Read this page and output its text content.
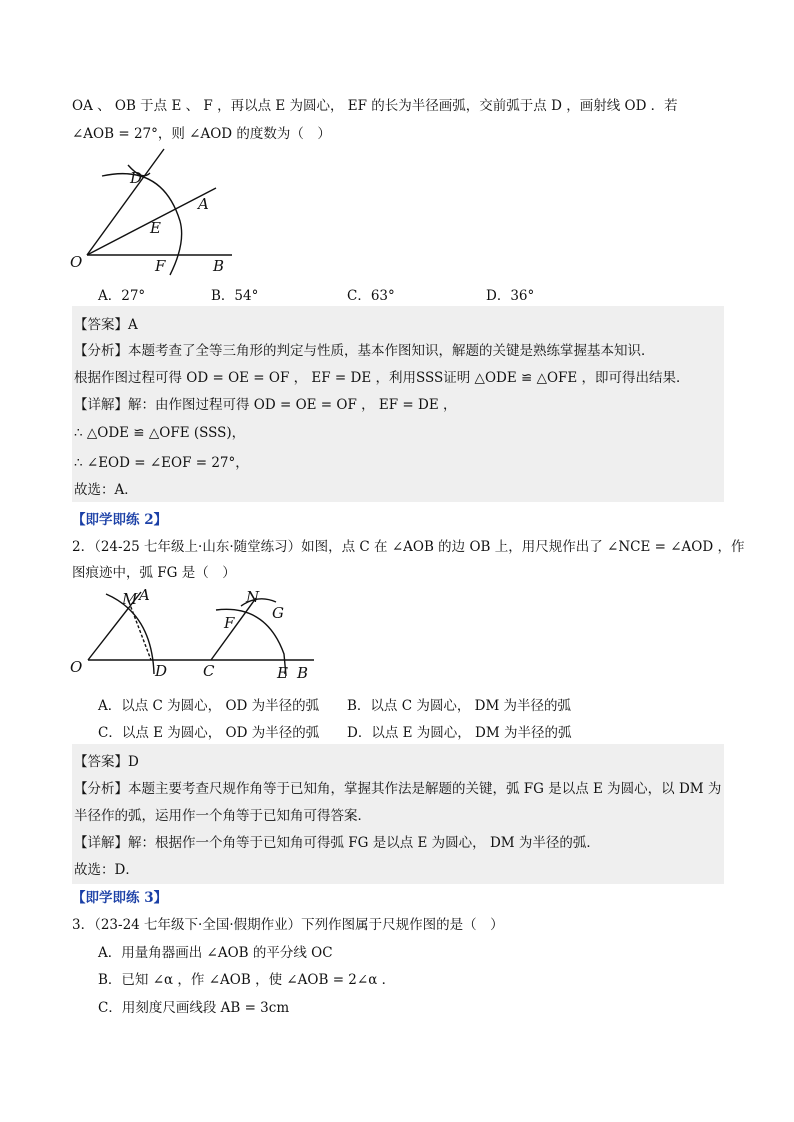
OA 、 OB 于点 E 、 F ，再以点 E 为圆心， EF 的长为半径画弧，交前弧于点 D ，画射线 OD ．若
∠AOB = 27°，则 ∠AOD 的度数为（　）
D
A
E
O	F	B
A．27°	B．54°	C．63°	D．36°
【答案】A
【分析】本题考查了全等三角形的判定与性质，基本作图知识，解题的关键是熟练掌握基本知识．
根据作图过程可得 OD = OE = OF ， EF = DE ，利用SSS证明 △ODE ≌ △OFE ，即可得出结果．
【详解】解：由作图过程可得 OD = OE = OF ， EF = DE ，
∴ △ODE ≌ △OFE (SSS)，
∴ ∠EOD = ∠EOF = 27°，
故选：A．
【即学即练 2】
2．（24-25 七年级上·山东·随堂练习）如图，点 C 在 ∠AOB 的边 OB 上，用尺规作出了 ∠NCE = ∠AOD ，作
图痕迹中，弧 FG 是（　）
M A
O	D
N
G
F
C	E B
A．以点 C 为圆心， OD 为半径的弧 B．以点 C 为圆心， DM 为半径的弧
C．以点 E 为圆心， OD 为半径的弧 D．以点 E 为圆心， DM 为半径的弧
【答案】D
【分析】本题主要考查尺规作角等于已知角，掌握其作法是解题的关键，弧 FG 是以点 E 为圆心，以 DM 为
半径作的弧，运用作一个角等于已知角可得答案．
【详解】解：根据作一个角等于已知角可得弧 FG 是以点 E 为圆心， DM 为半径的弧．
故选：D．
【即学即练 3】
3．（23-24 七年级下·全国·假期作业）下列作图属于尺规作图的是（　）
A．用量角器画出 ∠AOB 的平分线 OC
B．已知 ∠α ，作 ∠AOB ，使 ∠AOB = 2∠α ．
C．用刻度尺画线段 AB = 3cm
